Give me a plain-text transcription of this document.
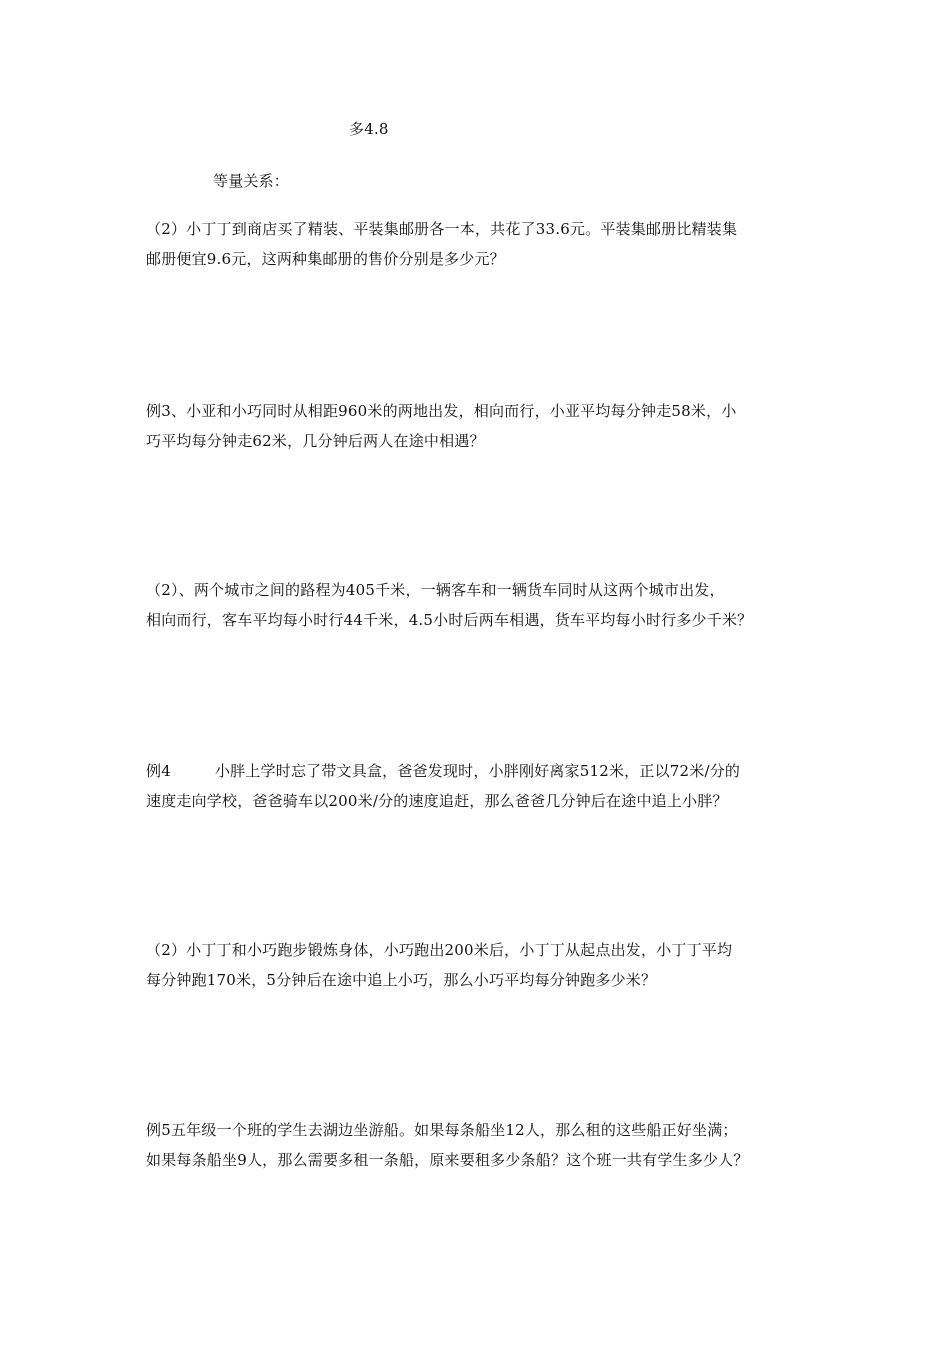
多4.8
等量关系：
（2）小丁丁到商店买了精装、平装集邮册各一本，共花了33.6元。平装集邮册比精装集
邮册便宜9.6元，这两种集邮册的售价分别是多少元？
例3、小亚和小巧同时从相距960米的两地出发，相向而行，小亚平均每分钟走58米，小
巧平均每分钟走62米，几分钟后两人在途中相遇？
（2）、两个城市之间的路程为405千米，一辆客车和一辆货车同时从这两个城市出发，
相向而行，客车平均每小时行44千米，4.5小时后两车相遇，货车平均每小时行多少千米？
例4	小胖上学时忘了带文具盒，爸爸发现时，小胖刚好离家512米，正以72米/分的
速度走向学校，爸爸骑车以200米/分的速度追赶，那么爸爸几分钟后在途中追上小胖？
（2）小丁丁和小巧跑步锻炼身体，小巧跑出200米后，小丁丁从起点出发，小丁丁平均
每分钟跑170米，5分钟后在途中追上小巧，那么小巧平均每分钟跑多少米？
例5五年级一个班的学生去湖边坐游船。如果每条船坐12人，那么租的这些船正好坐满；
如果每条船坐9人，那么需要多租一条船，原来要租多少条船？这个班一共有学生多少人？
